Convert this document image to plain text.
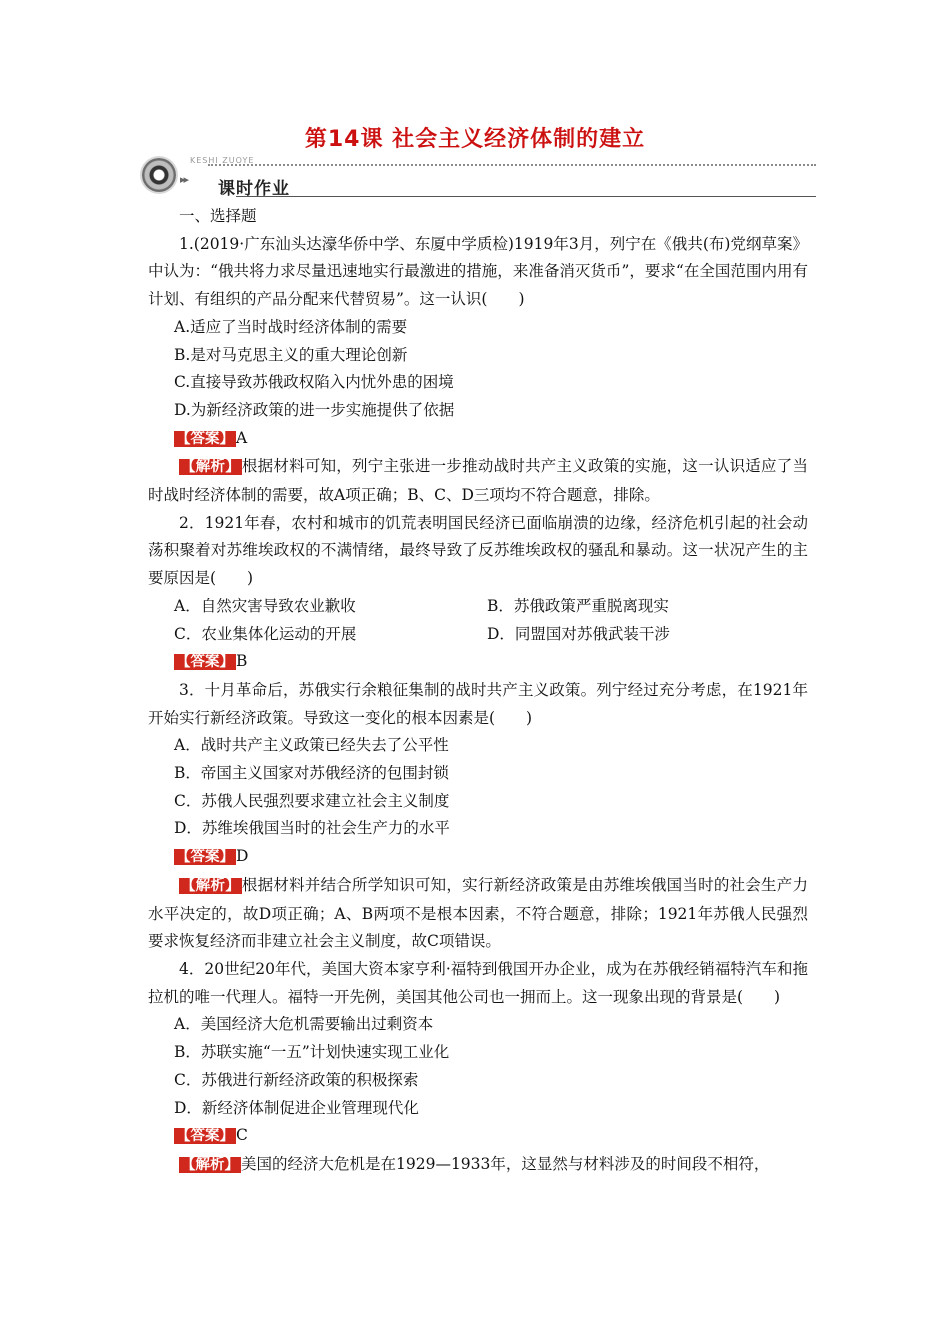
第14课 社会主义经济体制的建立
KESHI ZUOYE
▸▸ 课时作业

一、选择题

1.(2019·广东汕头达濠华侨中学、东厦中学质检)1919年3月，列宁在《俄共(布)党纲草案》中认为：“俄共将力求尽量迅速地实行最激进的措施，来准备消灭货币”，要求“在全国范围内用有计划、有组织的产品分配来代替贸易”。这一认识(　　)

A.适应了当时战时经济体制的需要

B.是对马克思主义的重大理论创新

C.直接导致苏俄政权陷入内忧外患的困境

D.为新经济政策的进一步实施提供了依据

【答案】 A

【解析】 根据材料可知，列宁主张进一步推动战时共产主义政策的实施，这一认识适应了当时战时经济体制的需要，故A项正确；B、C、D三项均不符合题意，排除。

2．1921年春，农村和城市的饥荒表明国民经济已面临崩溃的边缘，经济危机引起的社会动荡积聚着对苏维埃政权的不满情绪，最终导致了反苏维埃政权的骚乱和暴动。这一状况产生的主要原因是(　　)

A．自然灾害导致农业歉收	B．苏俄政策严重脱离现实
C．农业集体化运动的开展	D．同盟国对苏俄武装干涉

【答案】 B

3．十月革命后，苏俄实行余粮征集制的战时共产主义政策。列宁经过充分考虑，在1921年开始实行新经济政策。导致这一变化的根本因素是(　　)

A．战时共产主义政策已经失去了公平性

B．帝国主义国家对苏俄经济的包围封锁

C．苏俄人民强烈要求建立社会主义制度

D．苏维埃俄国当时的社会生产力的水平

【答案】 D

【解析】 根据材料并结合所学知识可知，实行新经济政策是由苏维埃俄国当时的社会生产力水平决定的，故D项正确；A、B两项不是根本因素，不符合题意，排除；1921年苏俄人民强烈要求恢复经济而非建立社会主义制度，故C项错误。

4．20世纪20年代，美国大资本家亨利·福特到俄国开办企业，成为在苏俄经销福特汽车和拖拉机的唯一代理人。福特一开先例，美国其他公司也一拥而上。这一现象出现的背景是(　　)

A．美国经济大危机需要输出过剩资本

B．苏联实施“一五”计划快速实现工业化

C．苏俄进行新经济政策的积极探索

D．新经济体制促进企业管理现代化

【答案】 C

【解析】 美国的经济大危机是在1929—1933年，这显然与材料涉及的时间段不相符，
